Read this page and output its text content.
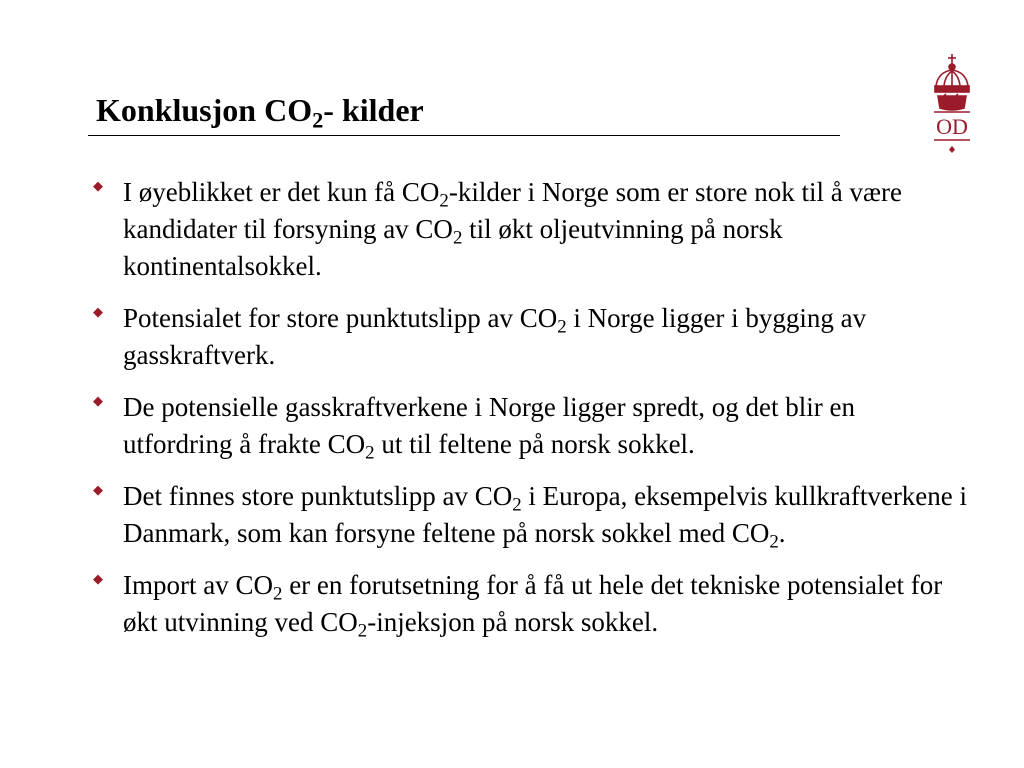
Konklusjon CO2- kilder	OD
◆ I øyeblikket er det kun få CO2-kilder i Norge som er store nok til å være kandidater til forsyning av CO2 til økt oljeutvinning på norsk kontinentalsokkel.
◆ Potensialet for store punktutslipp av CO2 i Norge ligger i bygging av gasskraftverk.
◆ De potensielle gasskraftverkene i Norge ligger spredt, og det blir en utfordring å frakte CO2 ut til feltene på norsk sokkel.
◆ Det finnes store punktutslipp av CO2 i Europa, eksempelvis kullkraftverkene i Danmark, som kan forsyne feltene på norsk sokkel med CO2.
◆ Import av CO2 er en forutsetning for å få ut hele det tekniske potensialet for økt utvinning ved CO2-injeksjon på norsk sokkel.
